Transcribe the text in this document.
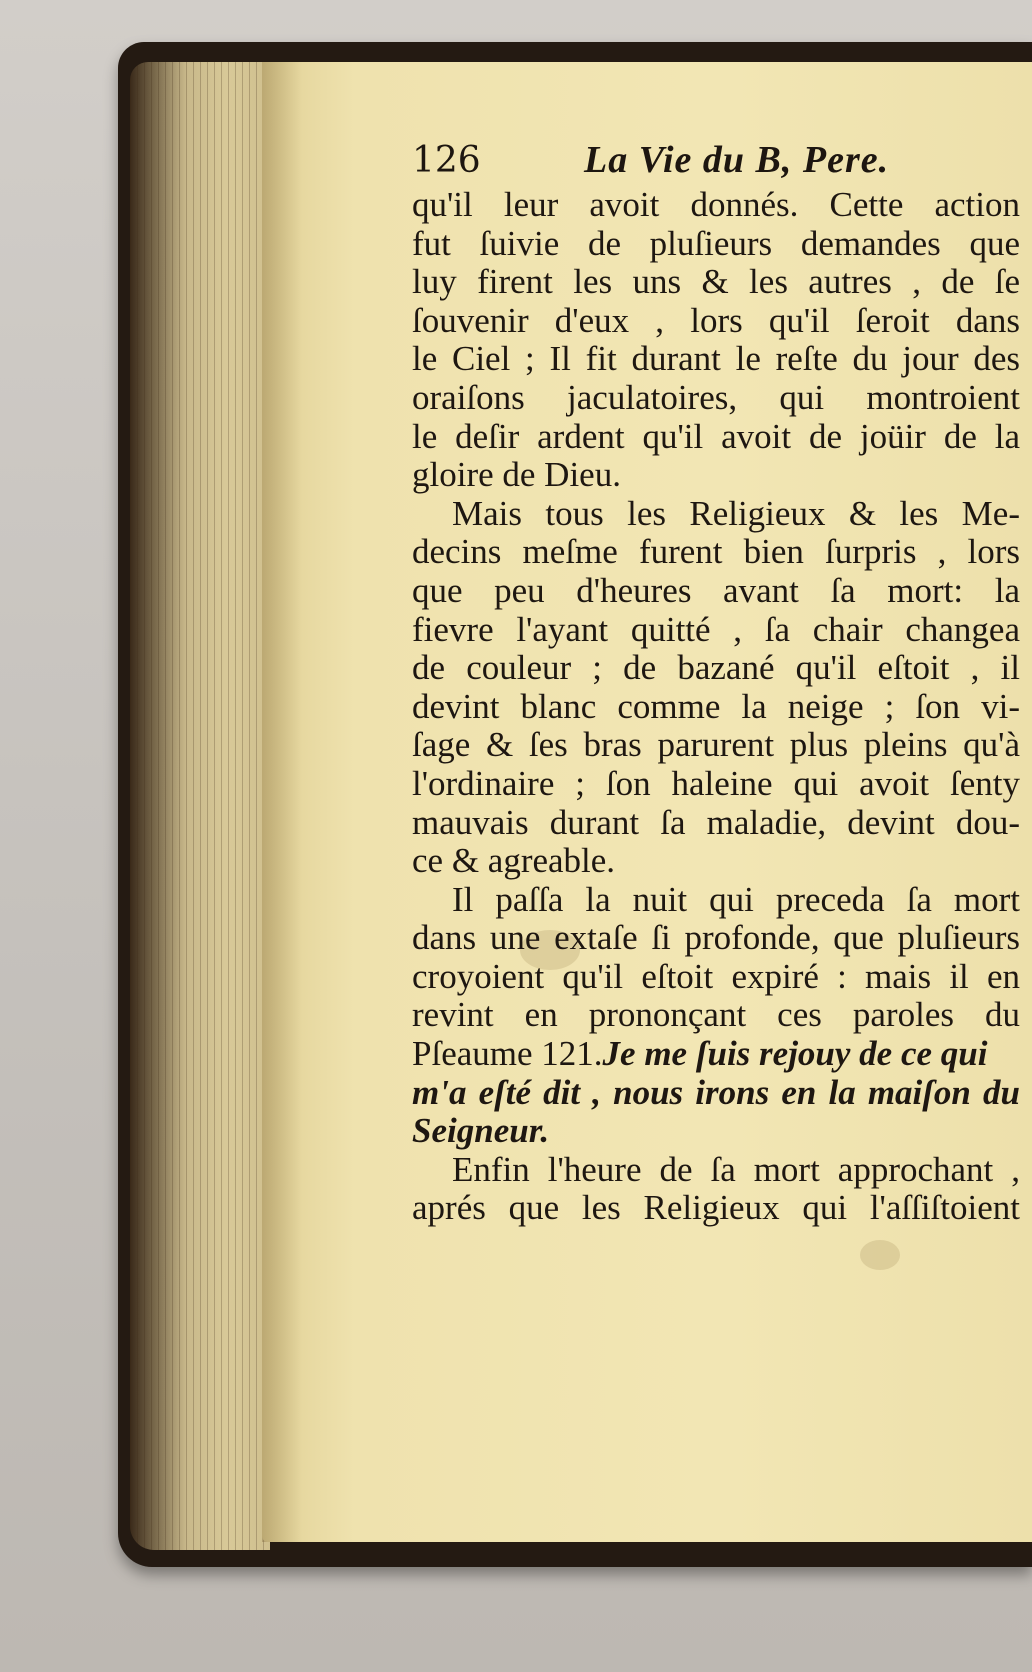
126	La Vie du B, Pere.
qu'il leur avoit donnés. Cette action
fut ſuivie de pluſieurs demandes que
luy firent les uns & les autres , de ſe
ſouvenir d'eux , lors qu'il ſeroit dans
le Ciel ; Il fit durant le reſte du jour des
oraiſons jaculatoires, qui montroient
le deſir ardent qu'il avoit de joüir de la
gloire de Dieu.
Mais tous les Religieux & les Me-
decins meſme furent bien ſurpris , lors
que peu d'heures avant ſa mort: la
fievre l'ayant quitté , ſa chair changea
de couleur ; de bazané qu'il eſtoit , il
devint blanc comme la neige ; ſon vi-
ſage & ſes bras parurent plus pleins qu'à
l'ordinaire ; ſon haleine qui avoit ſenty
mauvais durant ſa maladie, devint dou-
ce & agreable.
Il paſſa la nuit qui preceda ſa mort
dans une extaſe ſi profonde, que pluſieurs
croyoient qu'il eſtoit expiré : mais il en
revint en prononçant ces paroles du
Pſeaume 121.Je me ſuis rejouy de ce qui
m'a eſté dit , nous irons en la maiſon du
Seigneur.
Enfin l'heure de ſa mort approchant ,
aprés que les Religieux qui l'aſſiſtoient
